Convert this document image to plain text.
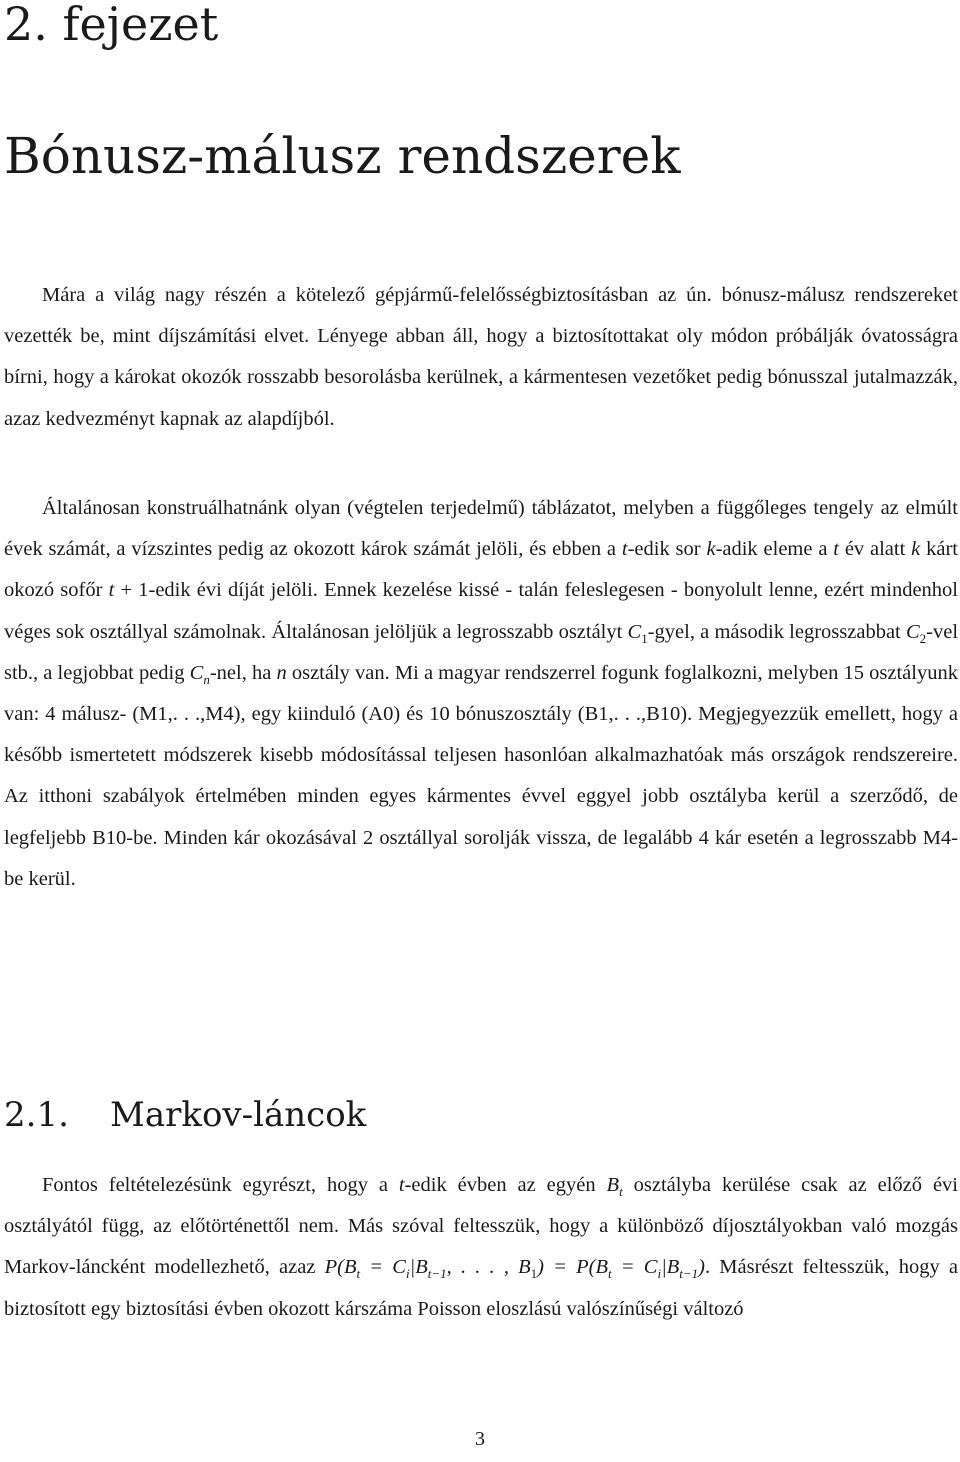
2. fejezet
Bónusz-málusz rendszerek

Mára a világ nagy részén a kötelező gépjármű-felelősségbiztosításban az ún. bónusz-málusz rendszereket vezették be, mint díjszámítási elvet. Lényege abban áll, hogy a biztosítottakat oly módon próbálják óvatosságra bírni, hogy a károkat okozók rosszabb besorolásba kerülnek, a kármentesen vezetőket pedig bónusszal jutalmazzák, azaz kedvezményt kapnak az alapdíjból.

Általánosan konstruálhatnánk olyan (végtelen terjedelmű) táblázatot, melyben a függőleges tengely az elmúlt évek számát, a vízszintes pedig az okozott károk számát jelöli, és ebben a t-edik sor k-adik eleme a t év alatt k kárt okozó sofőr t + 1-edik évi díját jelöli. Ennek kezelése kissé - talán feleslegesen - bonyolult lenne, ezért mindenhol véges sok osztállyal számolnak. Általánosan jelöljük a legrosszabb osztályt $C_1$-gyel, a második legrosszabbat $C_2$-vel stb., a legjobbat pedig $C_n$-nel, ha n osztály van. Mi a magyar rendszerrel fogunk foglalkozni, melyben 15 osztályunk van: 4 málusz- (M1,. . .,M4), egy kiinduló (A0) és 10 bónuszosztály (B1,. . .,B10). Megjegyezzük emellett, hogy a később ismertetett módszerek kisebb módosítással teljesen hasonlóan alkalmazhatóak más országok rendszereire. Az itthoni szabályok értelmében minden egyes kármentes évvel eggyel jobb osztályba kerül a szerződő, de legfeljebb B10-be. Minden kár okozásával 2 osztállyal sorolják vissza, de legalább 4 kár esetén a legrosszabb M4-be kerül.

2.1. Markov-láncok

Fontos feltételezésünk egyrészt, hogy a t-edik évben az egyén $B_t$ osztályba kerülése csak az előző évi osztályától függ, az előtörténettől nem. Más szóval feltesszük, hogy a különböző díjosztályokban való mozgás Markov-láncként modellezhető, azaz $P(B_t = C_i|B_{t-1}$, . . . , $B_1) = P(B_t = C_i|B_{t-1})$. Másrészt feltesszük, hogy a biztosított egy biztosítási évben okozott kárszáma Poisson eloszlású valószínűségi változó

3
